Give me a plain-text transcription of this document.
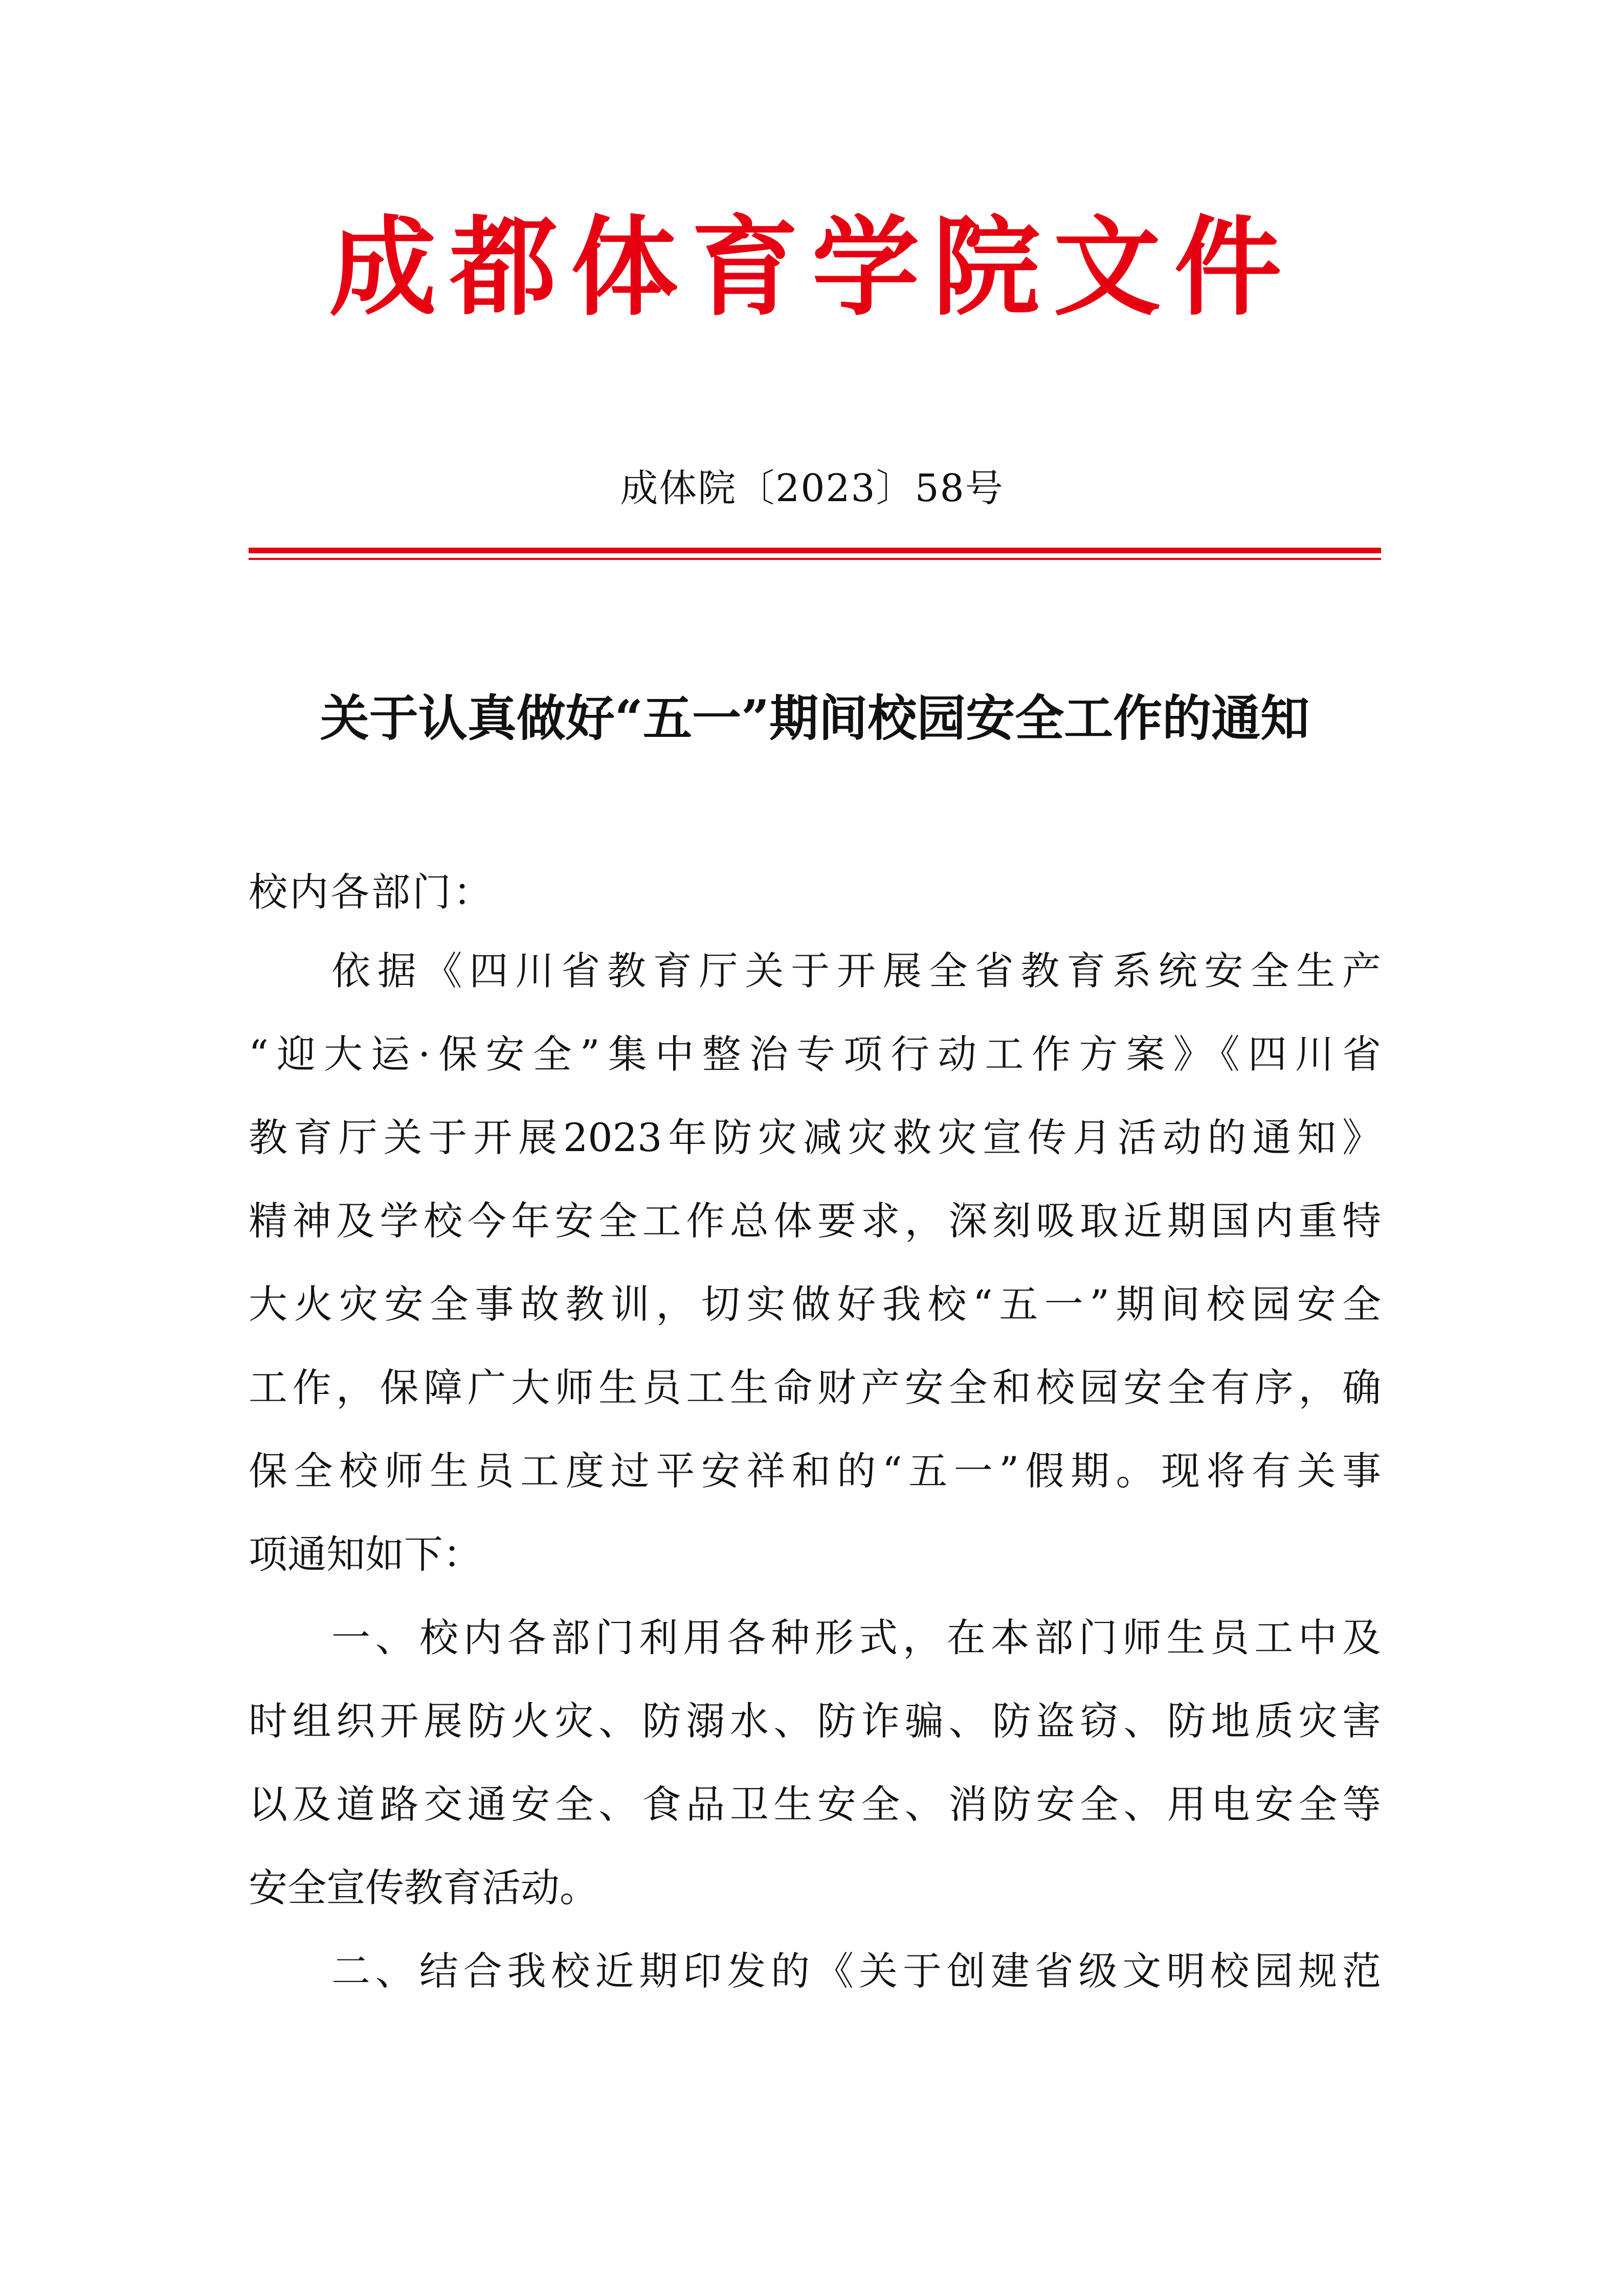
成都体育学院文件
成体院〔2023〕58号
关于认真做好“五一”期间校园安全工作的通知
校内各部门：
依据《四川省教育厅关于开展全省教育系统安全生产
“迎大运·保安全”集中整治专项行动工作方案》《四川省
教育厅关于开展2023年防灾减灾救灾宣传月活动的通知》
精神及学校今年安全工作总体要求，深刻吸取近期国内重特
大火灾安全事故教训，切实做好我校“五一”期间校园安全
工作，保障广大师生员工生命财产安全和校园安全有序，确
保全校师生员工度过平安祥和的“五一”假期。现将有关事
项通知如下：
一、校内各部门利用各种形式，在本部门师生员工中及
时组织开展防火灾、防溺水、防诈骗、防盗窃、防地质灾害
以及道路交通安全、食品卫生安全、消防安全、用电安全等
安全宣传教育活动。
二、结合我校近期印发的《关于创建省级文明校园规范
